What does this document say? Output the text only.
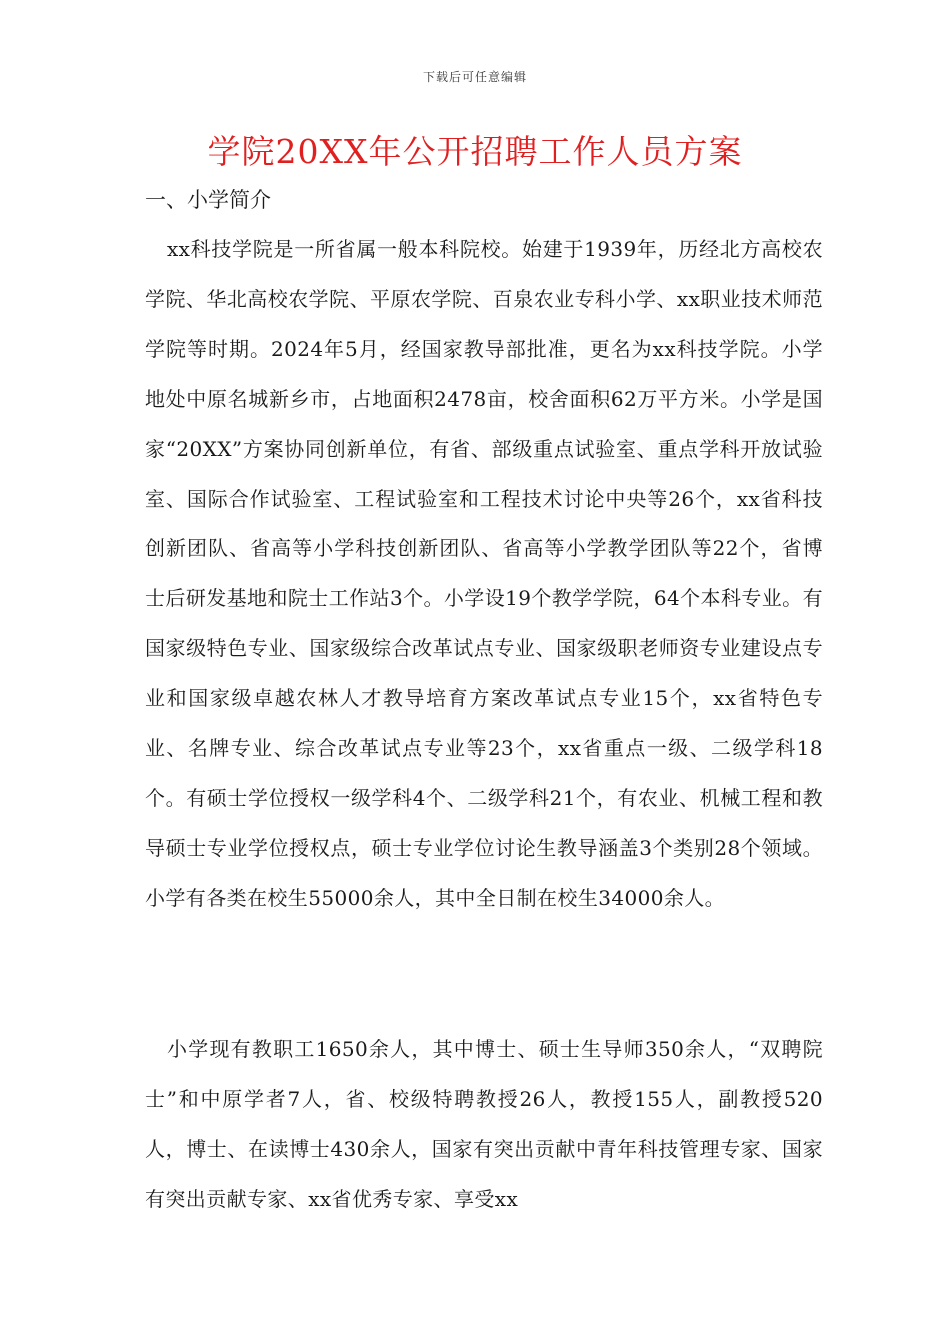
下载后可任意编辑
学院20XX年公开招聘工作人员方案
一、小学简介

xx科技学院是一所省属一般本科院校。始建于1939年，历经北方高校农学院、华北高校农学院、平原农学院、百泉农业专科小学、xx职业技术师范学院等时期。2024年5月，经国家教导部批准，更名为xx科技学院。小学地处中原名城新乡市，占地面积2478亩，校舍面积62万平方米。小学是国家“20XX”方案协同创新单位，有省、部级重点试验室、重点学科开放试验室、国际合作试验室、工程试验室和工程技术讨论中央等26个，xx省科技创新团队、省高等小学科技创新团队、省高等小学教学团队等22个，省博士后研发基地和院士工作站3个。小学设19个教学学院，64个本科专业。有国家级特色专业、国家级综合改革试点专业、国家级职老师资专业建设点专业和国家级卓越农林人才教导培育方案改革试点专业15个，xx省特色专业、名牌专业、综合改革试点专业等23个，xx省重点一级、二级学科18个。有硕士学位授权一级学科4个、二级学科21个，有农业、机械工程和教导硕士专业学位授权点，硕士专业学位讨论生教导涵盖3个类别28个领域。小学有各类在校生55000余人，其中全日制在校生34000余人。

小学现有教职工1650余人，其中博士、硕士生导师350余人，“双聘院士”和中原学者7人，省、校级特聘教授26人，教授155人，副教授520人，博士、在读博士430余人，国家有突出贡献中青年科技管理专家、国家有突出贡献专家、xx省优秀专家、享受xx
